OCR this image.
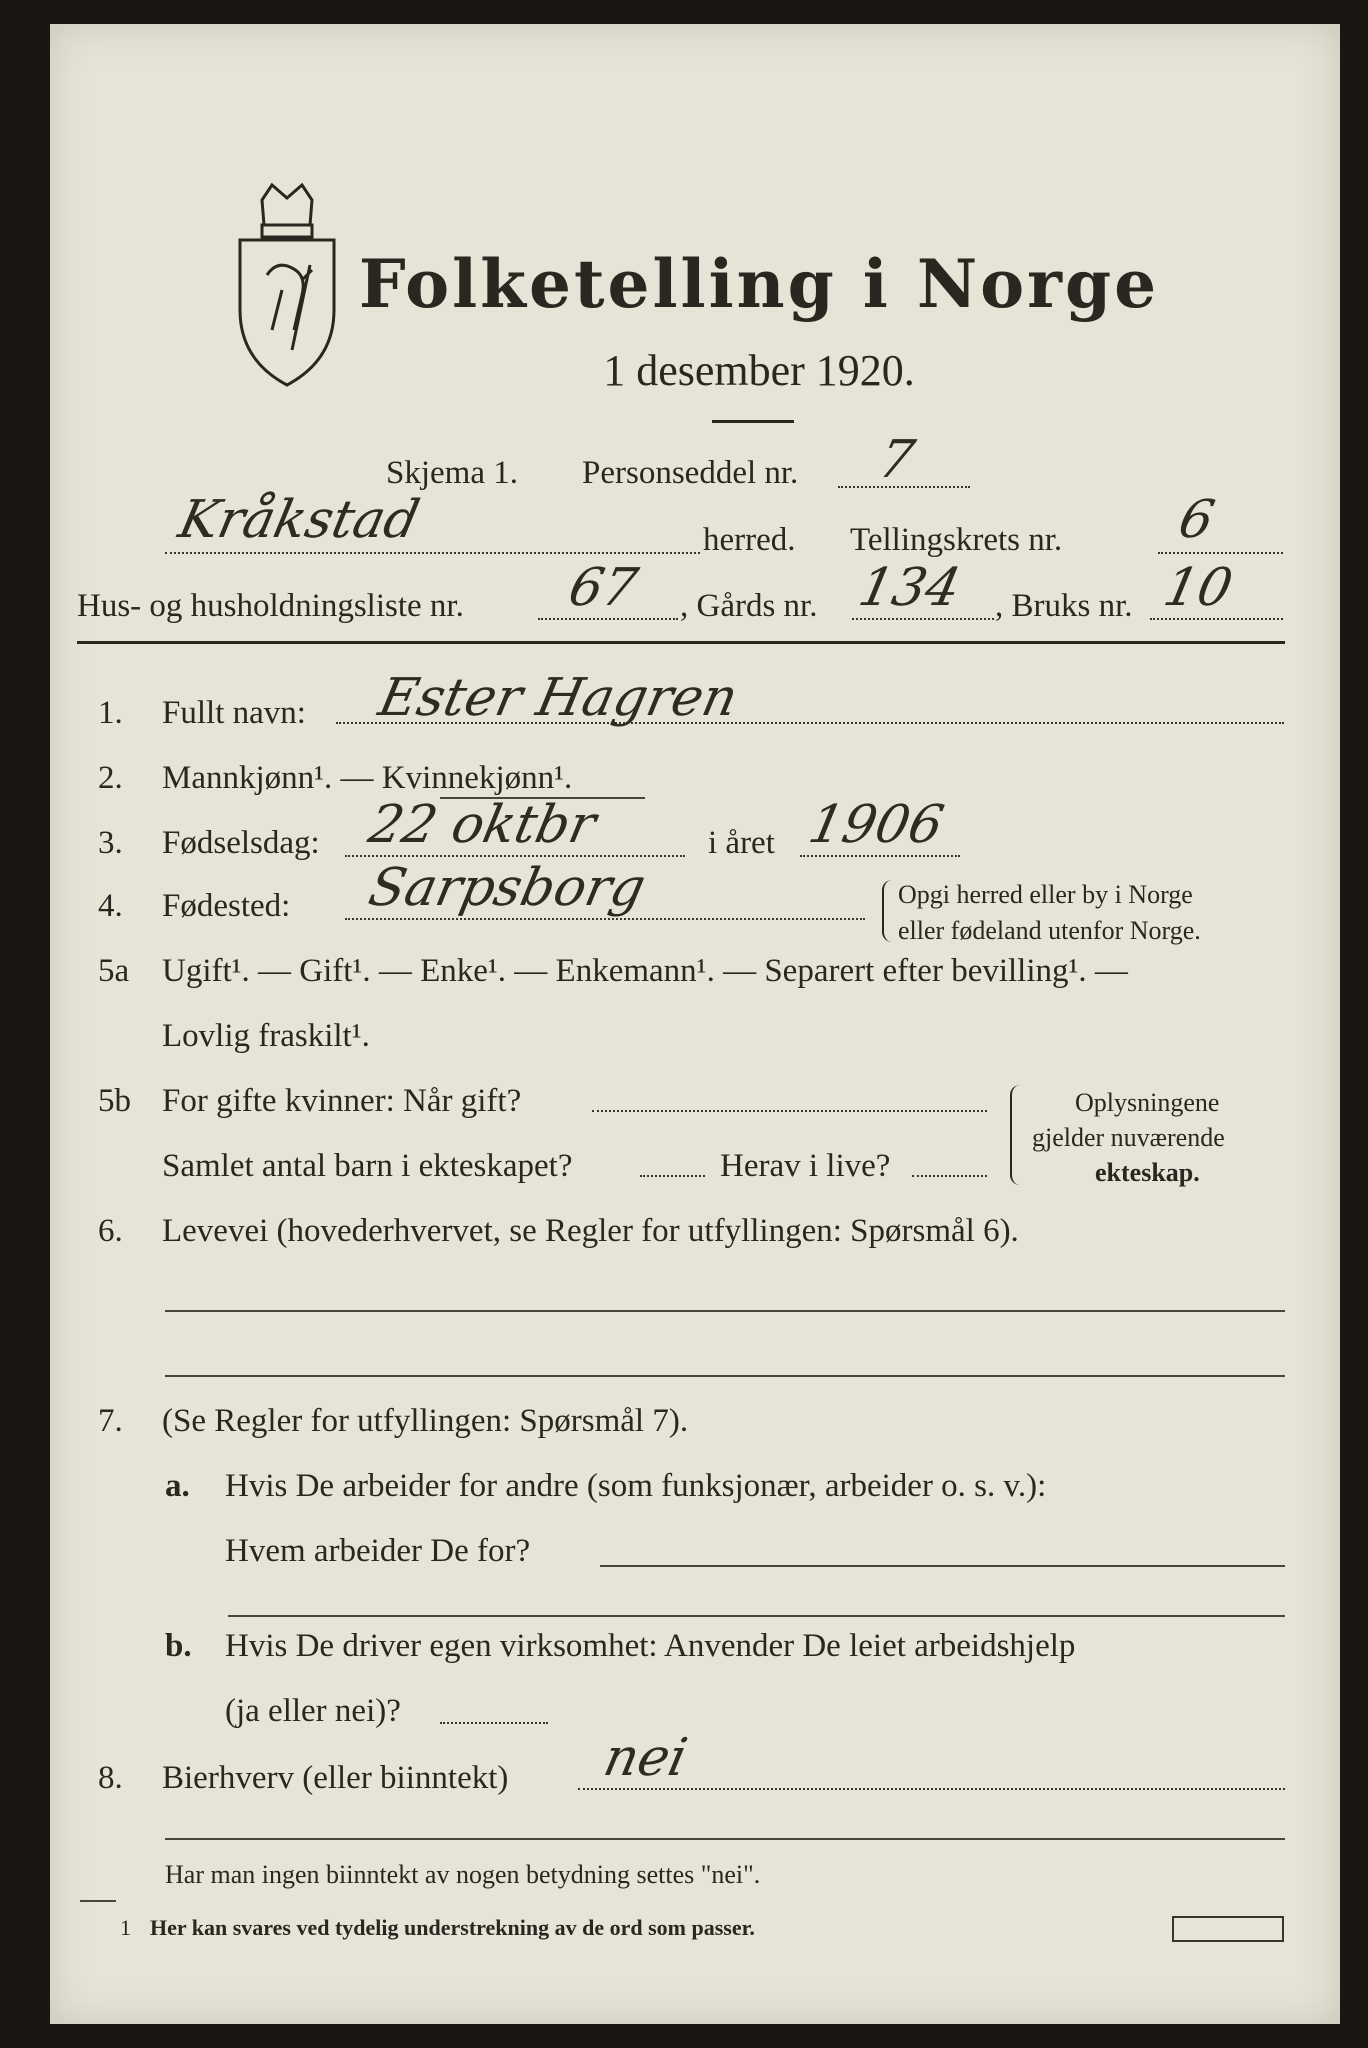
Folketelling i Norge
1 desember 1920.
Skjema 1. Personseddel nr. 7
Kråkstad	herred. Tellingskrets nr. 6
Hus- og husholdningsliste nr. 67 , Gårds nr. 134 , Bruks nr. 10
1. Fullt navn: Ester Hagren
2. Mannkjønn¹. — Kvinnekjønn¹.
3. Fødselsdag: 22 oktbr	i året 1906
4. Fødested: Sarpsborg	Opgi herred eller by i Norge
eller fødeland utenfor Norge.
5a Ugift¹. — Gift¹. — Enke¹. — Enkemann¹. — Separert efter bevilling¹. —
Lovlig fraskilt¹.
5b For gifte kvinner: Når gift?
Samlet antal barn i ekteskapet?	Herav i live?
Oplysningene
gjelder nuværende
ekteskap.
6. Levevei (hovederhvervet, se Regler for utfyllingen: Spørsmål 6).
7. (Se Regler for utfyllingen: Spørsmål 7).
a. Hvis De arbeider for andre (som funksjonær, arbeider o. s. v.):
Hvem arbeider De for?
b. Hvis De driver egen virksomhet: Anvender De leiet arbeidshjelp
(ja eller nei)?
8. Bierhverv (eller biinntekt) nei
Har man ingen biinntekt av nogen betydning settes "nei".
1 Her kan svares ved tydelig understrekning av de ord som passer.
